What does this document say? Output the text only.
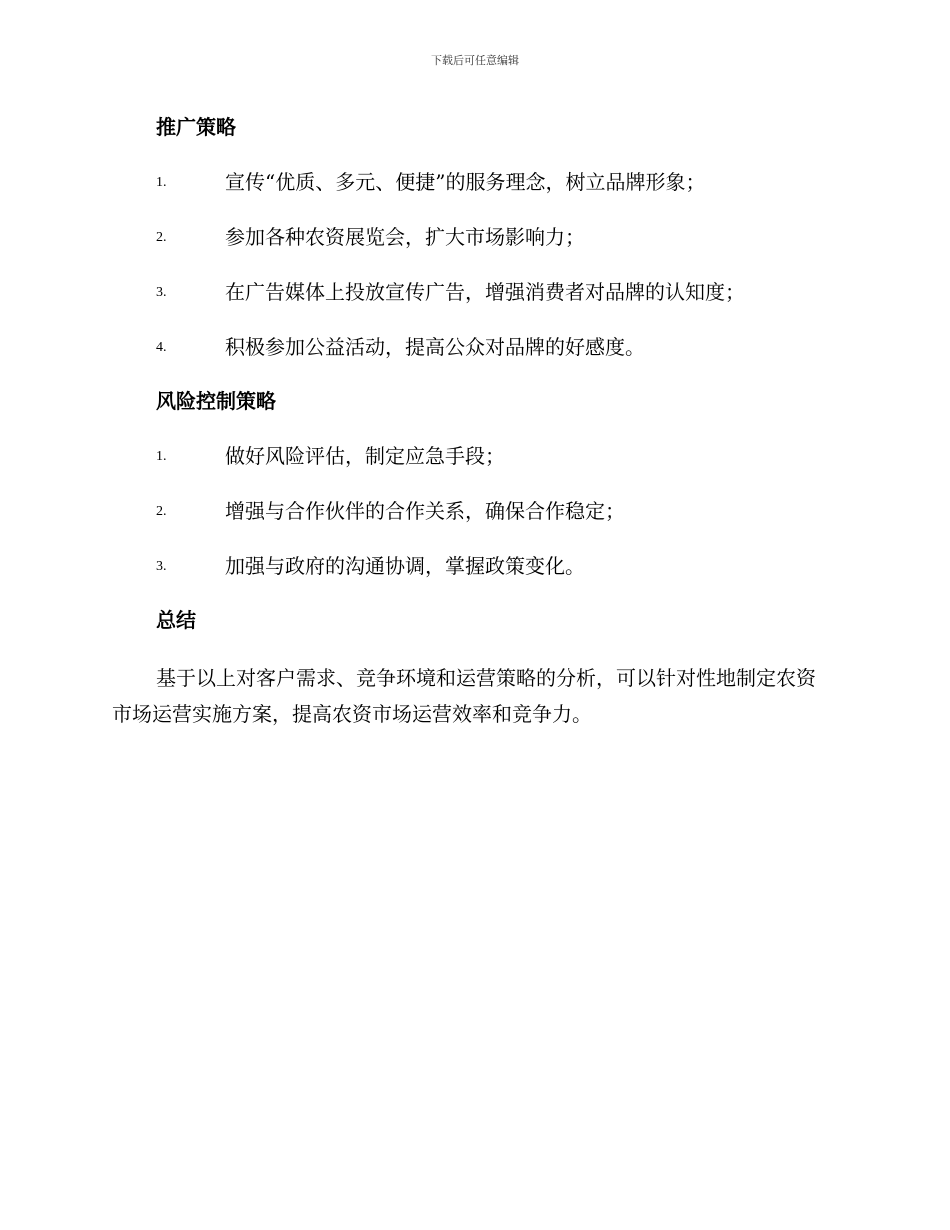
下载后可任意编辑
推广策略
1.	宣传“优质、多元、便捷”的服务理念，树立品牌形象；
2.	参加各种农资展览会，扩大市场影响力；
3.	在广告媒体上投放宣传广告，增强消费者对品牌的认知度；
4.	积极参加公益活动，提高公众对品牌的好感度。
风险控制策略
1.	做好风险评估，制定应急手段；
2.	增强与合作伙伴的合作关系，确保合作稳定；
3.	加强与政府的沟通协调，掌握政策变化。
总结

基于以上对客户需求、竞争环境和运营策略的分析，可以针对性地制定农资市场运营实施方案，提高农资市场运营效率和竞争力。
